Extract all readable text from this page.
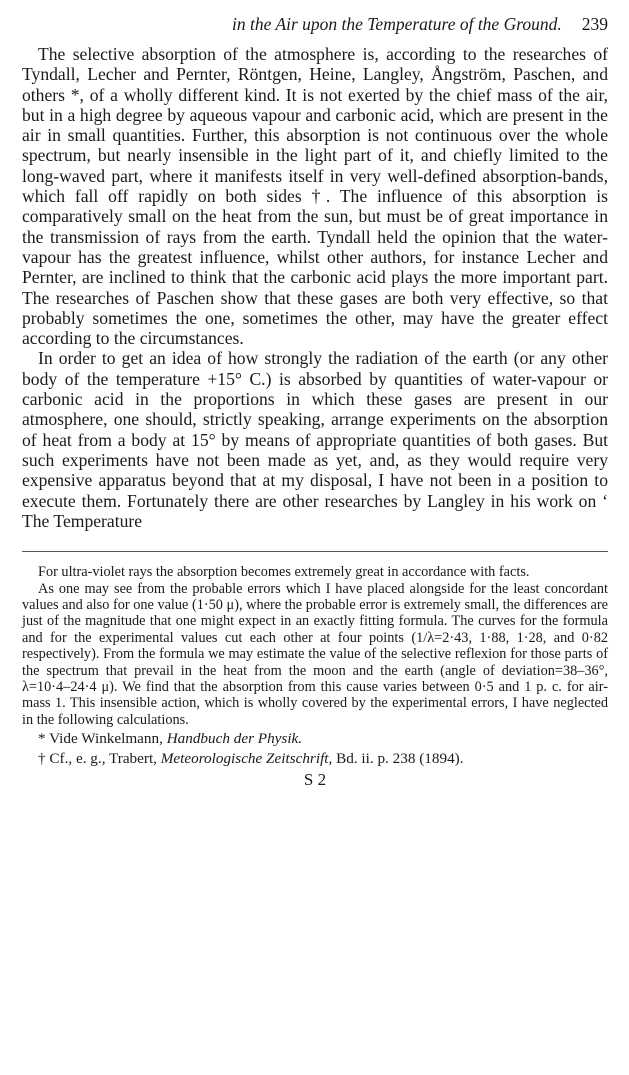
in the Air upon the Temperature of the Ground. 239

The selective absorption of the atmosphere is, according to the researches of Tyndall, Lecher and Pernter, Röntgen, Heine, Langley, Ångström, Paschen, and others *, of a wholly different kind. It is not exerted by the chief mass of the air, but in a high degree by aqueous vapour and carbonic acid, which are present in the air in small quantities. Further, this absorption is not continuous over the whole spectrum, but nearly insensible in the light part of it, and chiefly limited to the long-waved part, where it manifests itself in very well-defined absorption-bands, which fall off rapidly on both sides †. The influence of this absorption is comparatively small on the heat from the sun, but must be of great importance in the transmission of rays from the earth. Tyndall held the opinion that the water-vapour has the greatest influence, whilst other authors, for instance Lecher and Pernter, are inclined to think that the carbonic acid plays the more important part. The researches of Paschen show that these gases are both very effective, so that probably sometimes the one, sometimes the other, may have the greater effect according to the circumstances.

In order to get an idea of how strongly the radiation of the earth (or any other body of the temperature +15° C.) is absorbed by quantities of water-vapour or carbonic acid in the proportions in which these gases are present in our atmosphere, one should, strictly speaking, arrange experiments on the absorption of heat from a body at 15° by means of appropriate quantities of both gases. But such experiments have not been made as yet, and, as they would require very expensive apparatus beyond that at my disposal, I have not been in a position to execute them. Fortunately there are other researches by Langley in his work on ‘ The Temperature

For ultra-violet rays the absorption becomes extremely great in accordance with facts.

As one may see from the probable errors which I have placed alongside for the least concordant values and also for one value (1·50 μ), where the probable error is extremely small, the differences are just of the magnitude that one might expect in an exactly fitting formula. The curves for the formula and for the experimental values cut each other at four points (1/λ=2·43, 1·88, 1·28, and 0·82 respectively). From the formula we may estimate the value of the selective reflexion for those parts of the spectrum that prevail in the heat from the moon and the earth (angle of deviation=38–36°, λ=10·4–24·4 μ). We find that the absorption from this cause varies between 0·5 and 1 p. c. for air-mass 1. This insensible action, which is wholly covered by the experimental errors, I have neglected in the following calculations.

* Vide Winkelmann, Handbuch der Physik.

† Cf., e. g., Trabert, Meteorologische Zeitschrift, Bd. ii. p. 238 (1894).

S 2
